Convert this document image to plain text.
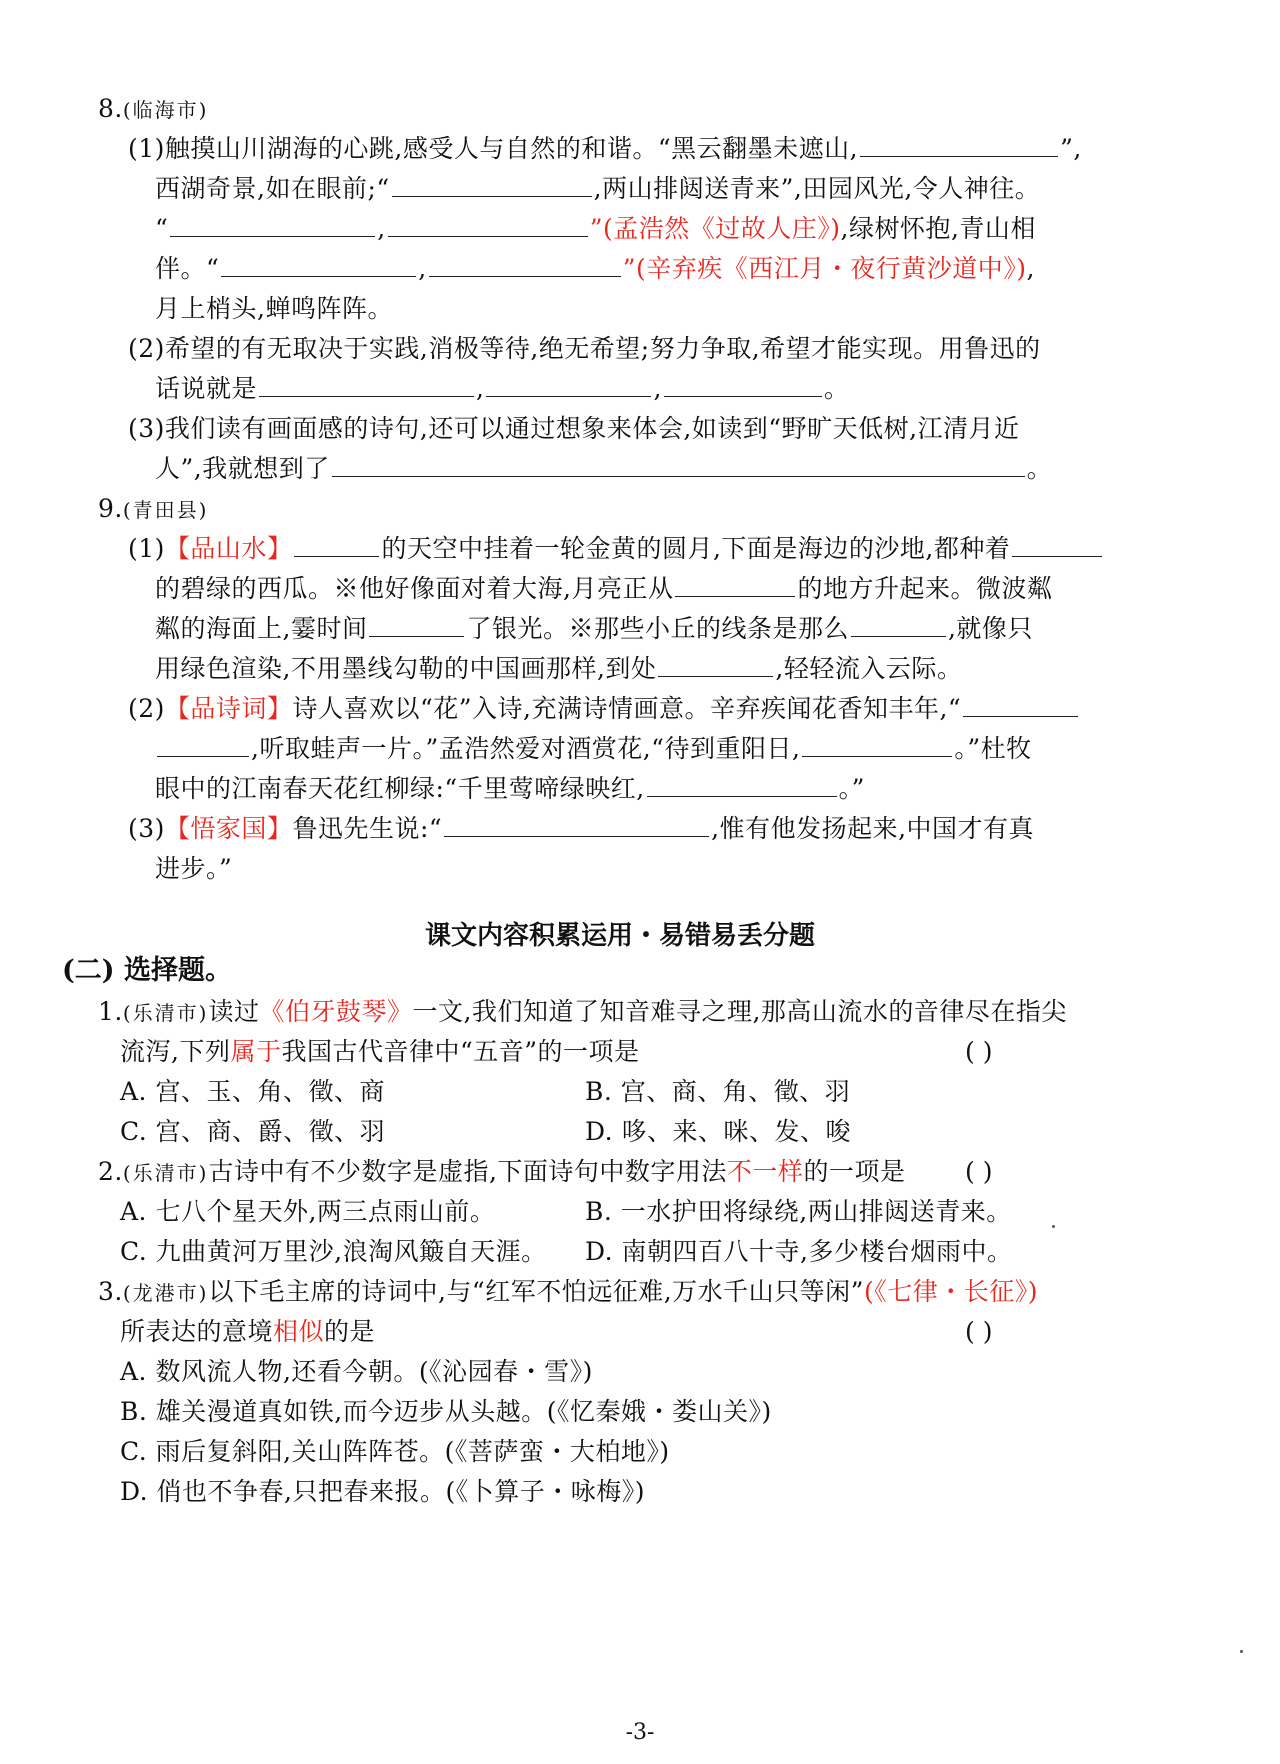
8.(临海市)
(1)触摸山川湖海的心跳,感受人与自然的和谐。“黑云翻墨未遮山,	”,
西湖奇景,如在眼前;“	,两山排闼送青来”,田园风光,令人神往。
“	,	”(孟浩然《过故人庄》),绿树怀抱,青山相
伴。“	,	”(辛弃疾《西江月・夜行黄沙道中》),
月上梢头,蝉鸣阵阵。
(2)希望的有无取决于实践,消极等待,绝无希望;努力争取,希望才能实现。用鲁迅的
话说就是	,	,	。
(3)我们读有画面感的诗句,还可以通过想象来体会,如读到“野旷天低树,江清月近
人”,我就想到了	。
9.(青田县)
(1)【品山水】	的天空中挂着一轮金黄的圆月,下面是海边的沙地,都种着
的碧绿的西瓜。※他好像面对着大海,月亮正从	的地方升起来。微波粼
粼的海面上,霎时间	了银光。※那些小丘的线条是那么	,就像只
用绿色渲染,不用墨线勾勒的中国画那样,到处	,轻轻流入云际。
(2)【品诗词】诗人喜欢以“花”入诗,充满诗情画意。辛弃疾闻花香知丰年,“
,听取蛙声一片。”孟浩然爱对酒赏花,“待到重阳日,	。”杜牧
眼中的江南春天花红柳绿:“千里莺啼绿映红,	。”
(3)【悟家国】鲁迅先生说:“	,惟有他发扬起来,中国才有真
进步。”
课文内容积累运用・易错易丢分题
(二) 选择题。
1.(乐清市)读过《伯牙鼓琴》一文,我们知道了知音难寻之理,那高山流水的音律尽在指尖
流泻,下列属于我国古代音律中“五音”的一项是	( )
A. 宫、玉、角、徵、商	B. 宫、商、角、徵、羽
C. 宫、商、爵、徵、羽	D. 哆、来、咪、发、唆
2.(乐清市)古诗中有不少数字是虚指,下面诗句中数字用法不一样的一项是 ( )
A. 七八个星天外,两三点雨山前。	B. 一水护田将绿绕,两山排闼送青来。
C. 九曲黄河万里沙,浪淘风簸自天涯。 D. 南朝四百八十寺,多少楼台烟雨中。
3.(龙港市)以下毛主席的诗词中,与“红军不怕远征难,万水千山只等闲”(《七律・长征》)
所表达的意境相似的是	( )
A. 数风流人物,还看今朝。(《沁园春・雪》)
B. 雄关漫道真如铁,而今迈步从头越。(《忆秦娥・娄山关》)
C. 雨后复斜阳,关山阵阵苍。(《菩萨蛮・大柏地》)
D. 俏也不争春,只把春来报。(《卜算子・咏梅》)
-3-
